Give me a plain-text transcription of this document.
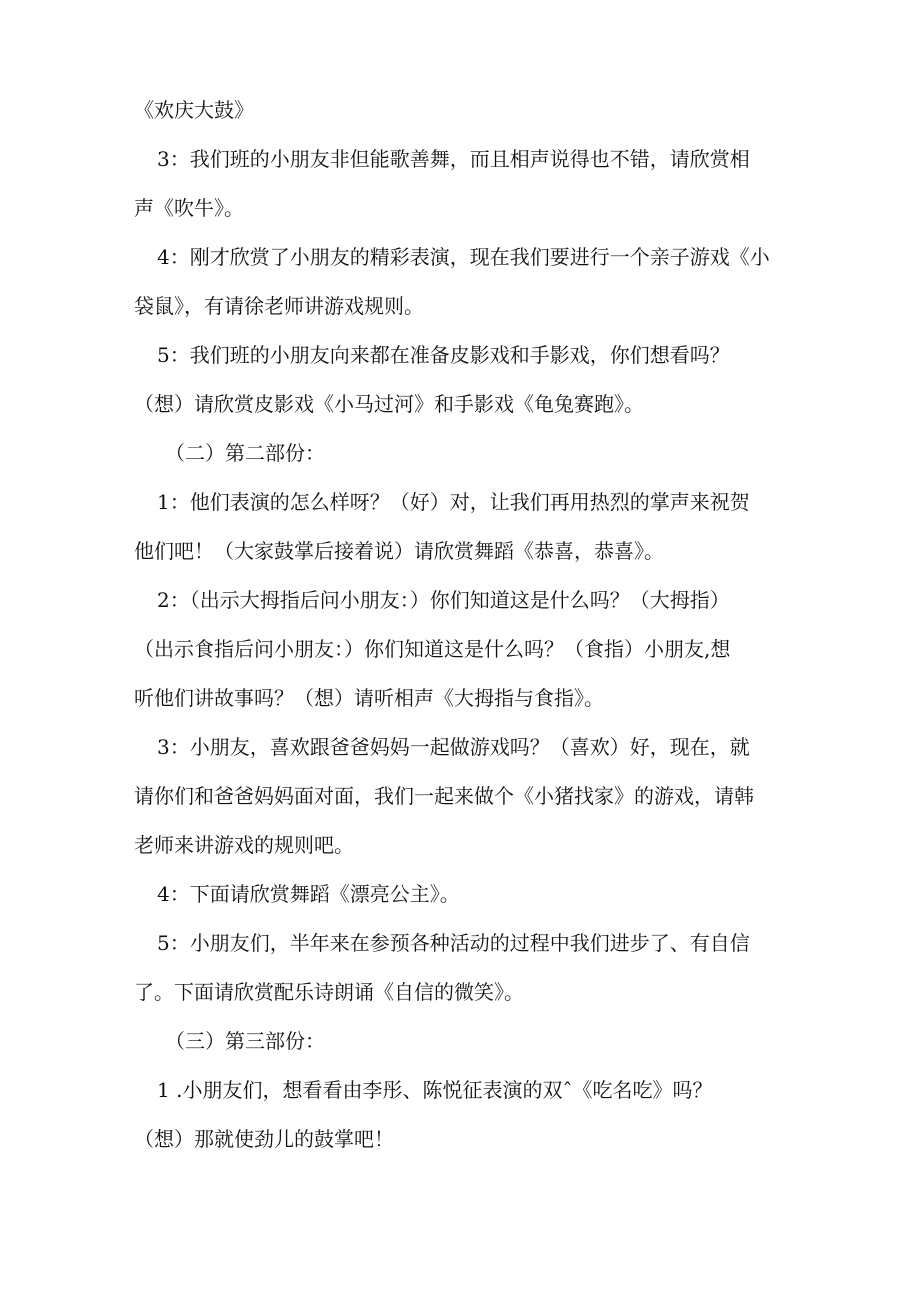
《欢庆大鼓》
3：我们班的小朋友非但能歌善舞，而且相声说得也不错，请欣赏相
声《吹牛》。
4：刚才欣赏了小朋友的精彩表演，现在我们要进行一个亲子游戏《小
袋鼠》，有请徐老师讲游戏规则。
5：我们班的小朋友向来都在准备皮影戏和手影戏，你们想看吗？
（想）请欣赏皮影戏《小马过河》和手影戏《龟兔赛跑》。
（二）第二部份：
1：他们表演的怎么样呀？（好）对，让我们再用热烈的掌声来祝贺
他们吧！（大家鼓掌后接着说）请欣赏舞蹈《恭喜，恭喜》。
2：（出示大拇指后问小朋友：）你们知道这是什么吗？（大拇指）
（出示食指后问小朋友：）你们知道这是什么吗？（食指）小朋友,想
听他们讲故事吗？（想）请听相声《大拇指与食指》。
3：小朋友，喜欢跟爸爸妈妈一起做游戏吗？（喜欢）好，现在，就
请你们和爸爸妈妈面对面，我们一起来做个《小猪找家》的游戏，请韩
老师来讲游戏的规则吧。
4：下面请欣赏舞蹈《漂亮公主》。
5：小朋友们，半年来在参预各种活动的过程中我们进步了、有自信
了。下面请欣赏配乐诗朗诵《自信的微笑》。
（三）第三部份：
1 .小朋友们，想看看由李彤、陈悦征表演的双ˆ《吃名吃》吗？
（想）那就使劲儿的鼓掌吧！
